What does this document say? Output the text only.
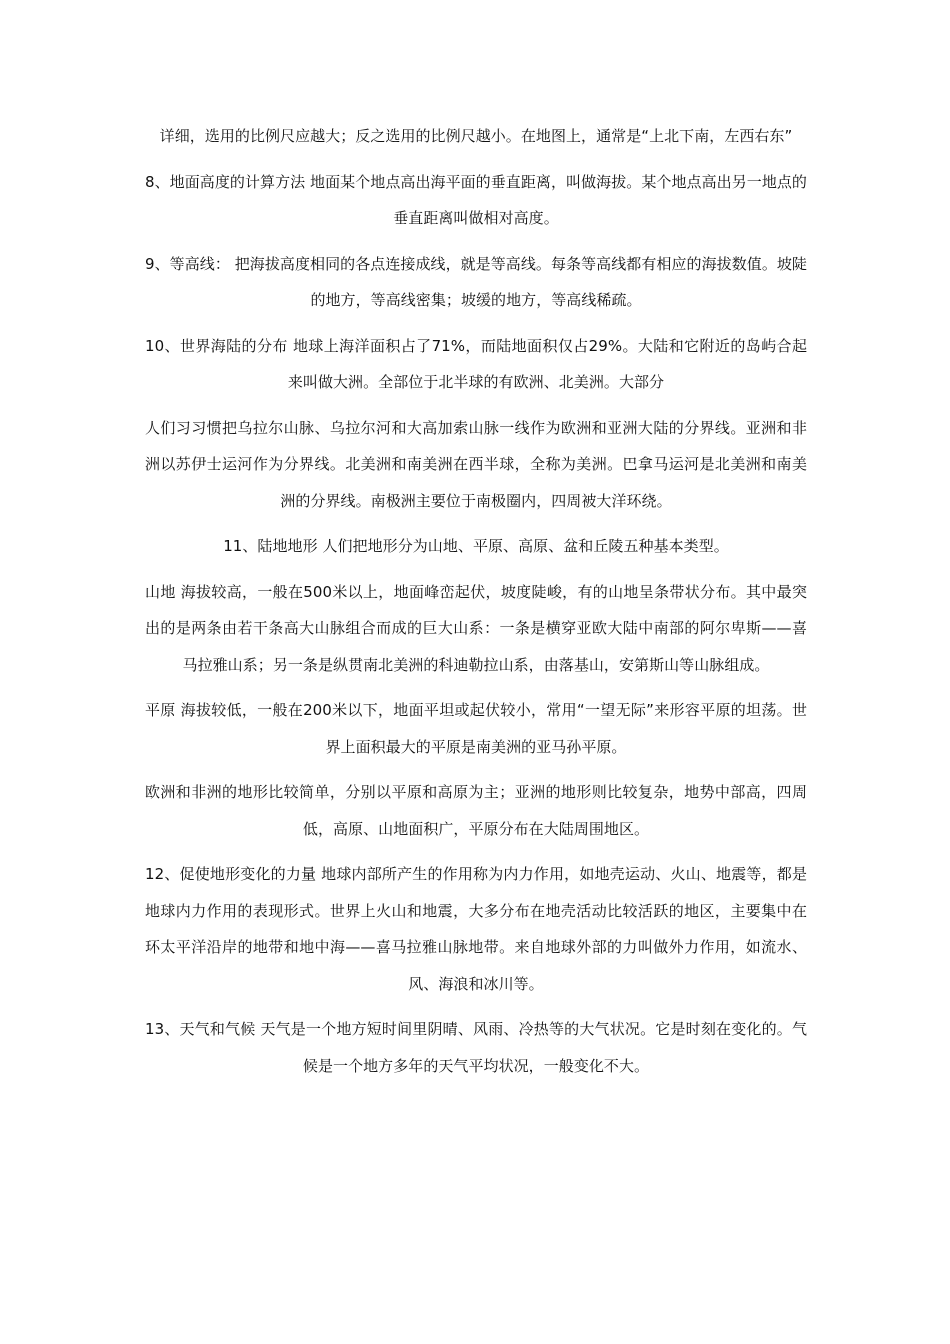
详细，选用的比例尺应越大；反之选用的比例尺越小。在地图上，通常是“上北下南，左西右东”

8、地面高度的计算方法 地面某个地点高出海平面的垂直距离，叫做海拔。某个地点高出另一地点的垂直距离叫做相对高度。

9、等高线： 把海拔高度相同的各点连接成线，就是等高线。每条等高线都有相应的海拔数值。坡陡的地方，等高线密集；坡缓的地方，等高线稀疏。

10、世界海陆的分布 地球上海洋面积占了71%，而陆地面积仅占29%。大陆和它附近的岛屿合起来叫做大洲。全部位于北半球的有欧洲、北美洲。大部分

人们习习惯把乌拉尔山脉、乌拉尔河和大高加索山脉一线作为欧洲和亚洲大陆的分界线。亚洲和非洲以苏伊士运河作为分界线。北美洲和南美洲在西半球，全称为美洲。巴拿马运河是北美洲和南美洲的分界线。南极洲主要位于南极圈内，四周被大洋环绕。

11、陆地地形 人们把地形分为山地、平原、高原、盆和丘陵五种基本类型。

山地 海拔较高，一般在500米以上，地面峰峦起伏，坡度陡峻，有的山地呈条带状分布。其中最突出的是两条由若干条高大山脉组合而成的巨大山系：一条是横穿亚欧大陆中南部的阿尔卑斯——喜马拉雅山系；另一条是纵贯南北美洲的科迪勒拉山系，由落基山，安第斯山等山脉组成。

平原 海拔较低，一般在200米以下，地面平坦或起伏较小，常用“一望无际”来形容平原的坦荡。世界上面积最大的平原是南美洲的亚马孙平原。

欧洲和非洲的地形比较简单，分别以平原和高原为主；亚洲的地形则比较复杂，地势中部高，四周低，高原、山地面积广，平原分布在大陆周围地区。

12、促使地形变化的力量 地球内部所产生的作用称为内力作用，如地壳运动、火山、地震等，都是地球内力作用的表现形式。世界上火山和地震，大多分布在地壳活动比较活跃的地区，主要集中在环太平洋沿岸的地带和地中海——喜马拉雅山脉地带。来自地球外部的力叫做外力作用，如流水、风、海浪和冰川等。

13、天气和气候 天气是一个地方短时间里阴晴、风雨、冷热等的大气状况。它是时刻在变化的。气候是一个地方多年的天气平均状况，一般变化不大。
